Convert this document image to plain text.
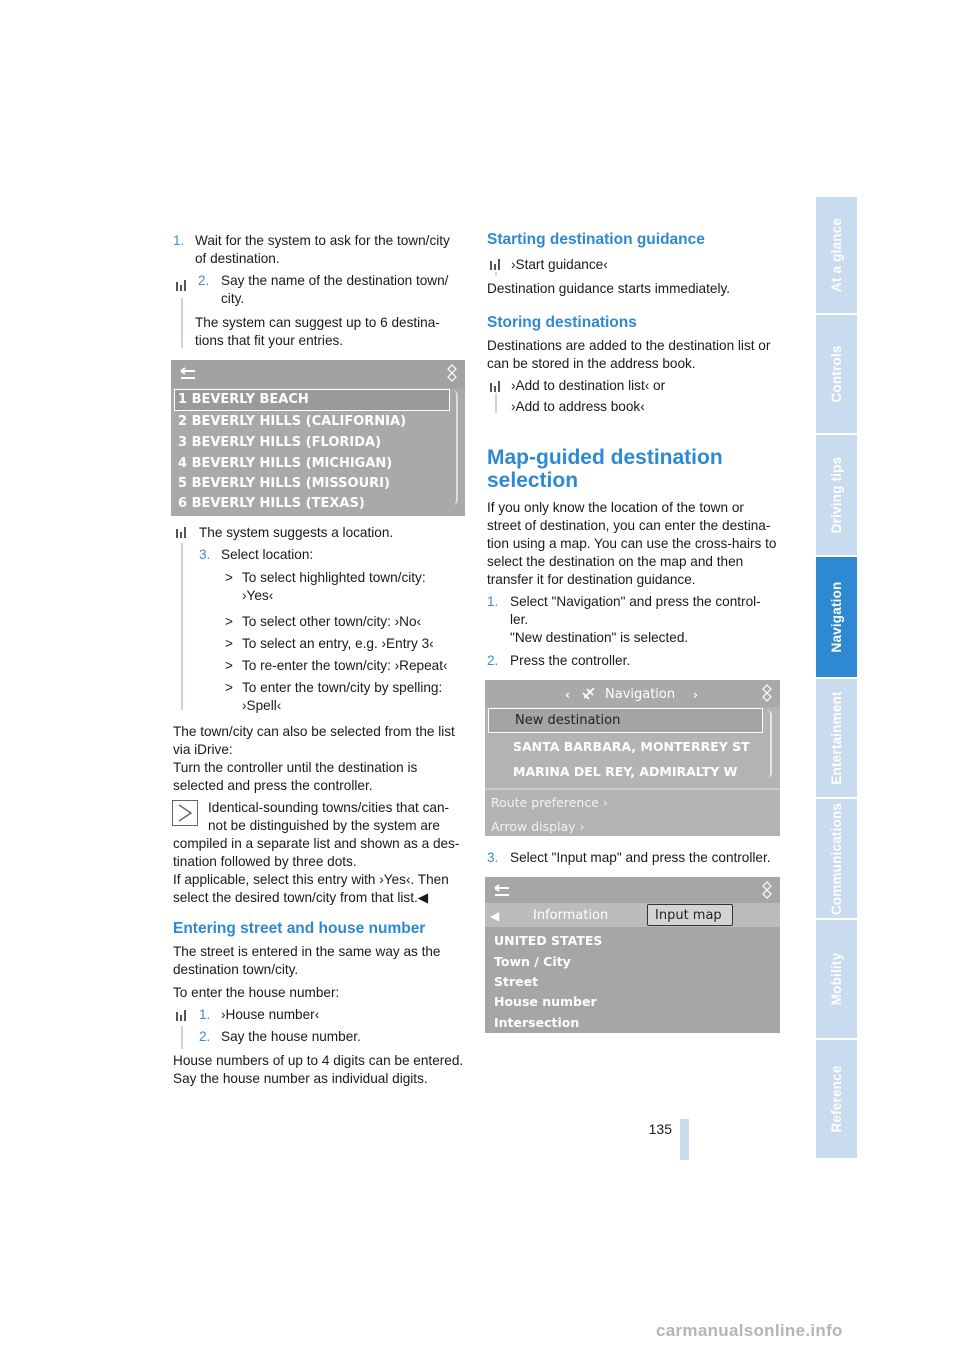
1. Wait for the system to ask for the town/city
of destination.
2. Say the name of the destination town/
city.
The system can suggest up to 6 destina-
tions that fit your entries.
1 BEVERLY BEACH
2 BEVERLY HILLS (CALIFORNIA)
3 BEVERLY HILLS (FLORIDA)
4 BEVERLY HILLS (MICHIGAN)
5 BEVERLY HILLS (MISSOURI)
6 BEVERLY HILLS (TEXAS)
The system suggests a location.
3. Select location:
> To select highlighted town/city:
›Yes‹
> To select other town/city: ›No‹
> To select an entry, e.g. ›Entry 3‹
> To re-enter the town/city: ›Repeat‹
> To enter the town/city by spelling:
›Spell‹
The town/city can also be selected from the list
via iDrive:
Turn the controller until the destination is
selected and press the controller.
Identical-sounding towns/cities that can-
not be distinguished by the system are
compiled in a separate list and shown as a des-
tination followed by three dots.
If applicable, select this entry with ›Yes‹. Then
select the desired town/city from that list.◀
Entering street and house number
The street is entered in the same way as the
destination town/city.
To enter the house number:
1. ›House number‹
2. Say the house number.
House numbers of up to 4 digits can be entered.
Say the house number as individual digits.
Starting destination guidance
›Start guidance‹
Destination guidance starts immediately.
Storing destinations
Destinations are added to the destination list or
can be stored in the address book.
›Add to destination list‹ or
›Add to address book‹
Map-guided destination
selection
If you only know the location of the town or
street of destination, you can enter the destina-
tion using a map. You can use the cross-hairs to
select the destination on the map and then
transfer it for destination guidance.
1. Select "Navigation" and press the control-
ler.
"New destination" is selected.
2. Press the controller.
‹	Navigation ›
New destination
SANTA BARBARA, MONTERREY ST
MARINA DEL REY, ADMIRALTY W
Route preference ›
Arrow display ›
3. Select "Input map" and press the controller.
◀	Information	Input map
UNITED STATES
Town / City
Street
House number
Intersection
At a glance
Controls
Driving tips
Navigation
Entertainment
Communications
Mobility
Reference
135
carmanualsonline.info
